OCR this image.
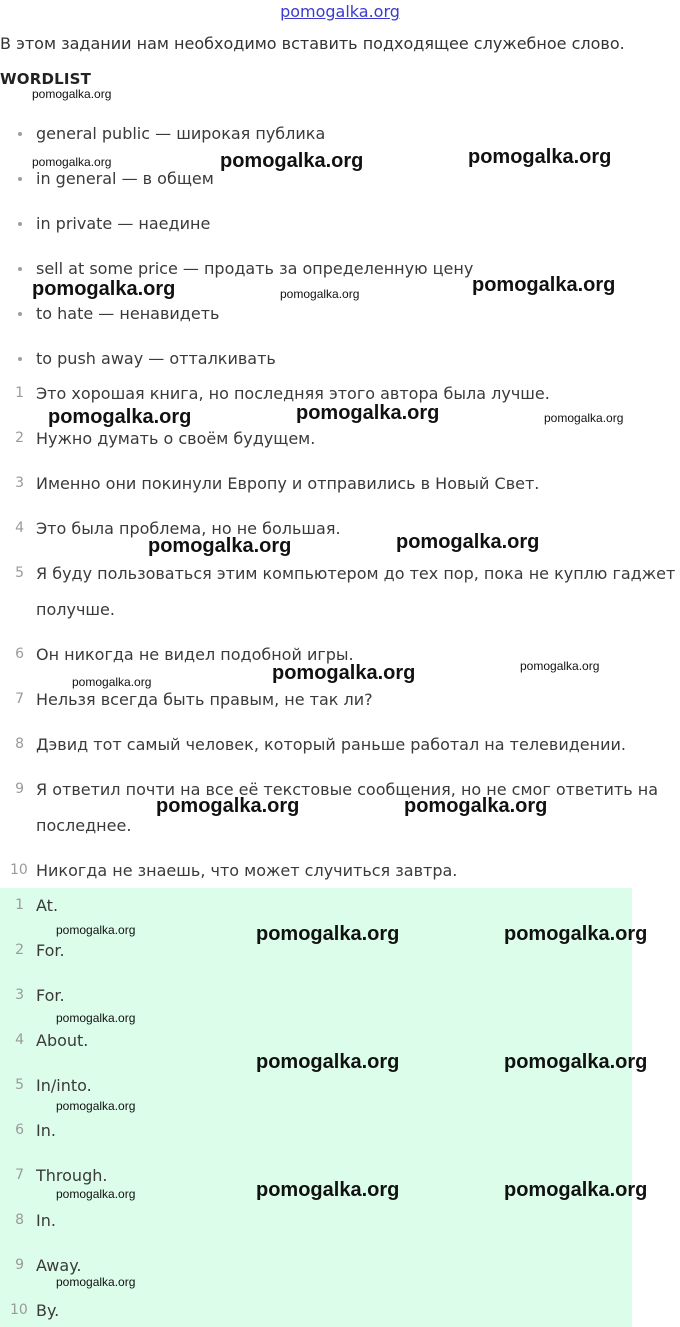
pomogalka.org
В этом задании нам необходимо вставить подходящее служебное слово.
WORDLIST
general public — широкая публика
in general — в общем
in private — наедине
sell at some price — продать за определенную цену
to hate — ненавидеть
to push away — отталкивать
1 Это хорошая книга, но последняя этого автора была лучше.
2 Нужно думать о своём будущем.
3 Именно они покинули Европу и отправились в Новый Свет.
4 Это была проблема, но не большая.
5 Я буду пользоваться этим компьютером до тех пор, пока не куплю гаджет
получше.
6 Он никогда не видел подобной игры.
7 Нельзя всегда быть правым, не так ли?
8 Дэвид тот самый человек, который раньше работал на телевидении.
9 Я ответил почти на все её текстовые сообщения, но не смог ответить на
последнее.
10 Никогда не знаешь, что может случиться завтра.
1 At.
2 For.
3 For.
4 About.
5 In/into.
6 In.
7 Through.
8 In.
9 Away.
10 By.
pomogalka.org
pomogalka.org	pomogalka.org	pomogalka.org
pomogalka.org	pomogalka.org	pomogalka.org
pomogalka.org	pomogalka.org	pomogalka.org
pomogalka.org	pomogalka.org
pomogalka.org	pomogalka.org	pomogalka.org
pomogalka.org	pomogalka.org
pomogalka.org	pomogalka.org	pomogalka.org
pomogalka.org
pomogalka.org	pomogalka.org
pomogalka.org
pomogalka.org	pomogalka.org	pomogalka.org
pomogalka.org
